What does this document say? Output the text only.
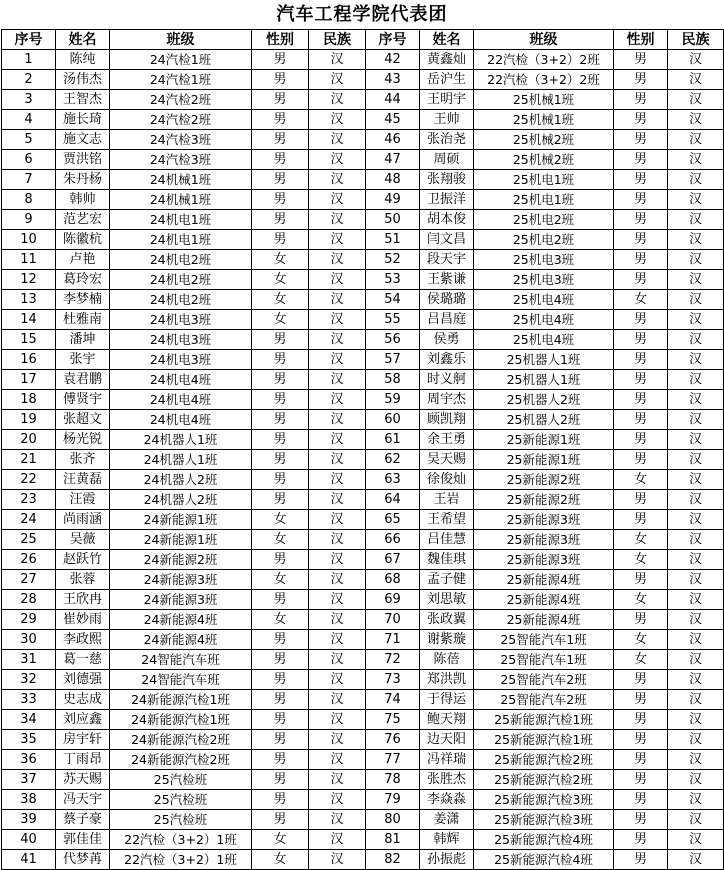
汽车工程学院代表团
序号	姓名	班级	性别	民族	序号	姓名	班级	性别	民族
1	陈纯	24汽检1班	男	汉	42	黄鑫灿	22汽检（3+2）2班	男	汉
2	汤伟杰	24汽检1班	男	汉	43	岳沪生	22汽检（3+2）2班	男	汉
3	王智杰	24汽检2班	男	汉	44	王明宇	25机械1班	男	汉
4	施长琦	24汽检2班	男	汉	45	王帅	25机械1班	男	汉
5	施文志	24汽检3班	男	汉	46	张治尧	25机械2班	男	汉
6	贾洪铭	24汽检3班	男	汉	47	周硕	25机械2班	男	汉
7	朱丹杨	24机械1班	男	汉	48	张翔骏	25机电1班	男	汉
8	韩帅	24机械1班	男	汉	49	卫振洋	25机电1班	男	汉
9	范艺宏	24机电1班	男	汉	50	胡本俊	25机电2班	男	汉
10	陈徽杭	24机电1班	男	汉	51	闫文昌	25机电2班	男	汉
11	卢艳	24机电2班	女	汉	52	段天宇	25机电3班	男	汉
12	葛玲宏	24机电2班	女	汉	53	王紫谦	25机电3班	男	汉
13	李梦楠	24机电2班	女	汉	54	侯璐璐	25机电4班	女	汉
14	杜雅南	24机电3班	女	汉	55	吕昌庭	25机电4班	男	汉
15	潘坤	24机电3班	男	汉	56	侯勇	25机电4班	男	汉
16	张宇	24机电3班	男	汉	57	刘鑫乐	25机器人1班	男	汉
17	袁君鹏	24机电4班	男	汉	58	时义舸	25机器人1班	男	汉
18	傅贤宇	24机电4班	男	汉	59	周宇杰	25机器人2班	男	汉
19	张超文	24机电4班	男	汉	60	顾凯翔	25机器人2班	男	汉
20	杨光锐	24机器人1班	男	汉	61	余王勇	25新能源1班	男	汉
21	张齐	24机器人1班	男	汉	62	吴天赐	25新能源1班	男	汉
22	汪黄磊	24机器人2班	男	汉	63	徐俊灿	25新能源2班	女	汉
23	汪霞	24机器人2班	男	汉	64	王岩	25新能源2班	男	汉
24	尚雨涵	24新能源1班	女	汉	65	王希望	25新能源3班	男	汉
25	吴薇	24新能源1班	女	汉	66	吕佳慧	25新能源3班	女	汉
26	赵跃竹	24新能源2班	男	汉	67	魏佳琪	25新能源3班	女	汉
27	张蓉	24新能源3班	女	汉	68	孟子健	25新能源4班	男	汉
28	王欣冉	24新能源3班	男	汉	69	刘思敏	25新能源4班	女	汉
29	崔妙雨	24新能源4班	女	汉	70	张政翼	25新能源4班	男	汉
30	李政熙	24新能源4班	男	汉	71	谢紫璇	25智能汽车1班	女	汉
31	葛一慈	24智能汽车班	男	汉	72	陈蓓	25智能汽车1班	女	汉
32	刘德强	24智能汽车班	男	汉	73	郑洪凯	25智能汽车2班	男	汉
33	史志成	24新能源汽检1班	男	汉	74	于得运	25智能汽车2班	男	汉
34	刘应鑫	24新能源汽检1班	男	汉	75	鲍天翔	25新能源汽检1班	男	汉
35	房宇轩	24新能源汽检2班	男	汉	76	边天阳	25新能源汽检1班	男	汉
36	丁雨昂	24新能源汽检2班	男	汉	77	冯祥瑞	25新能源汽检2班	男	汉
37	苏天赐	25汽检班	男	汉	78	张胜杰	25新能源汽检2班	男	汉
38	冯天宇	25汽检班	男	汉	79	李焱淼	25新能源汽检3班	男	汉
39	蔡子豪	25汽检班	男	汉	80	姜潇	25新能源汽检3班	男	汉
40	郭佳佳	22汽检（3+2）1班	女	汉	81	韩辉	25新能源汽检4班	男	汉
41	代梦苒	22汽检（3+2）1班	女	汉	82	孙振彪	25新能源汽检4班	男	汉
